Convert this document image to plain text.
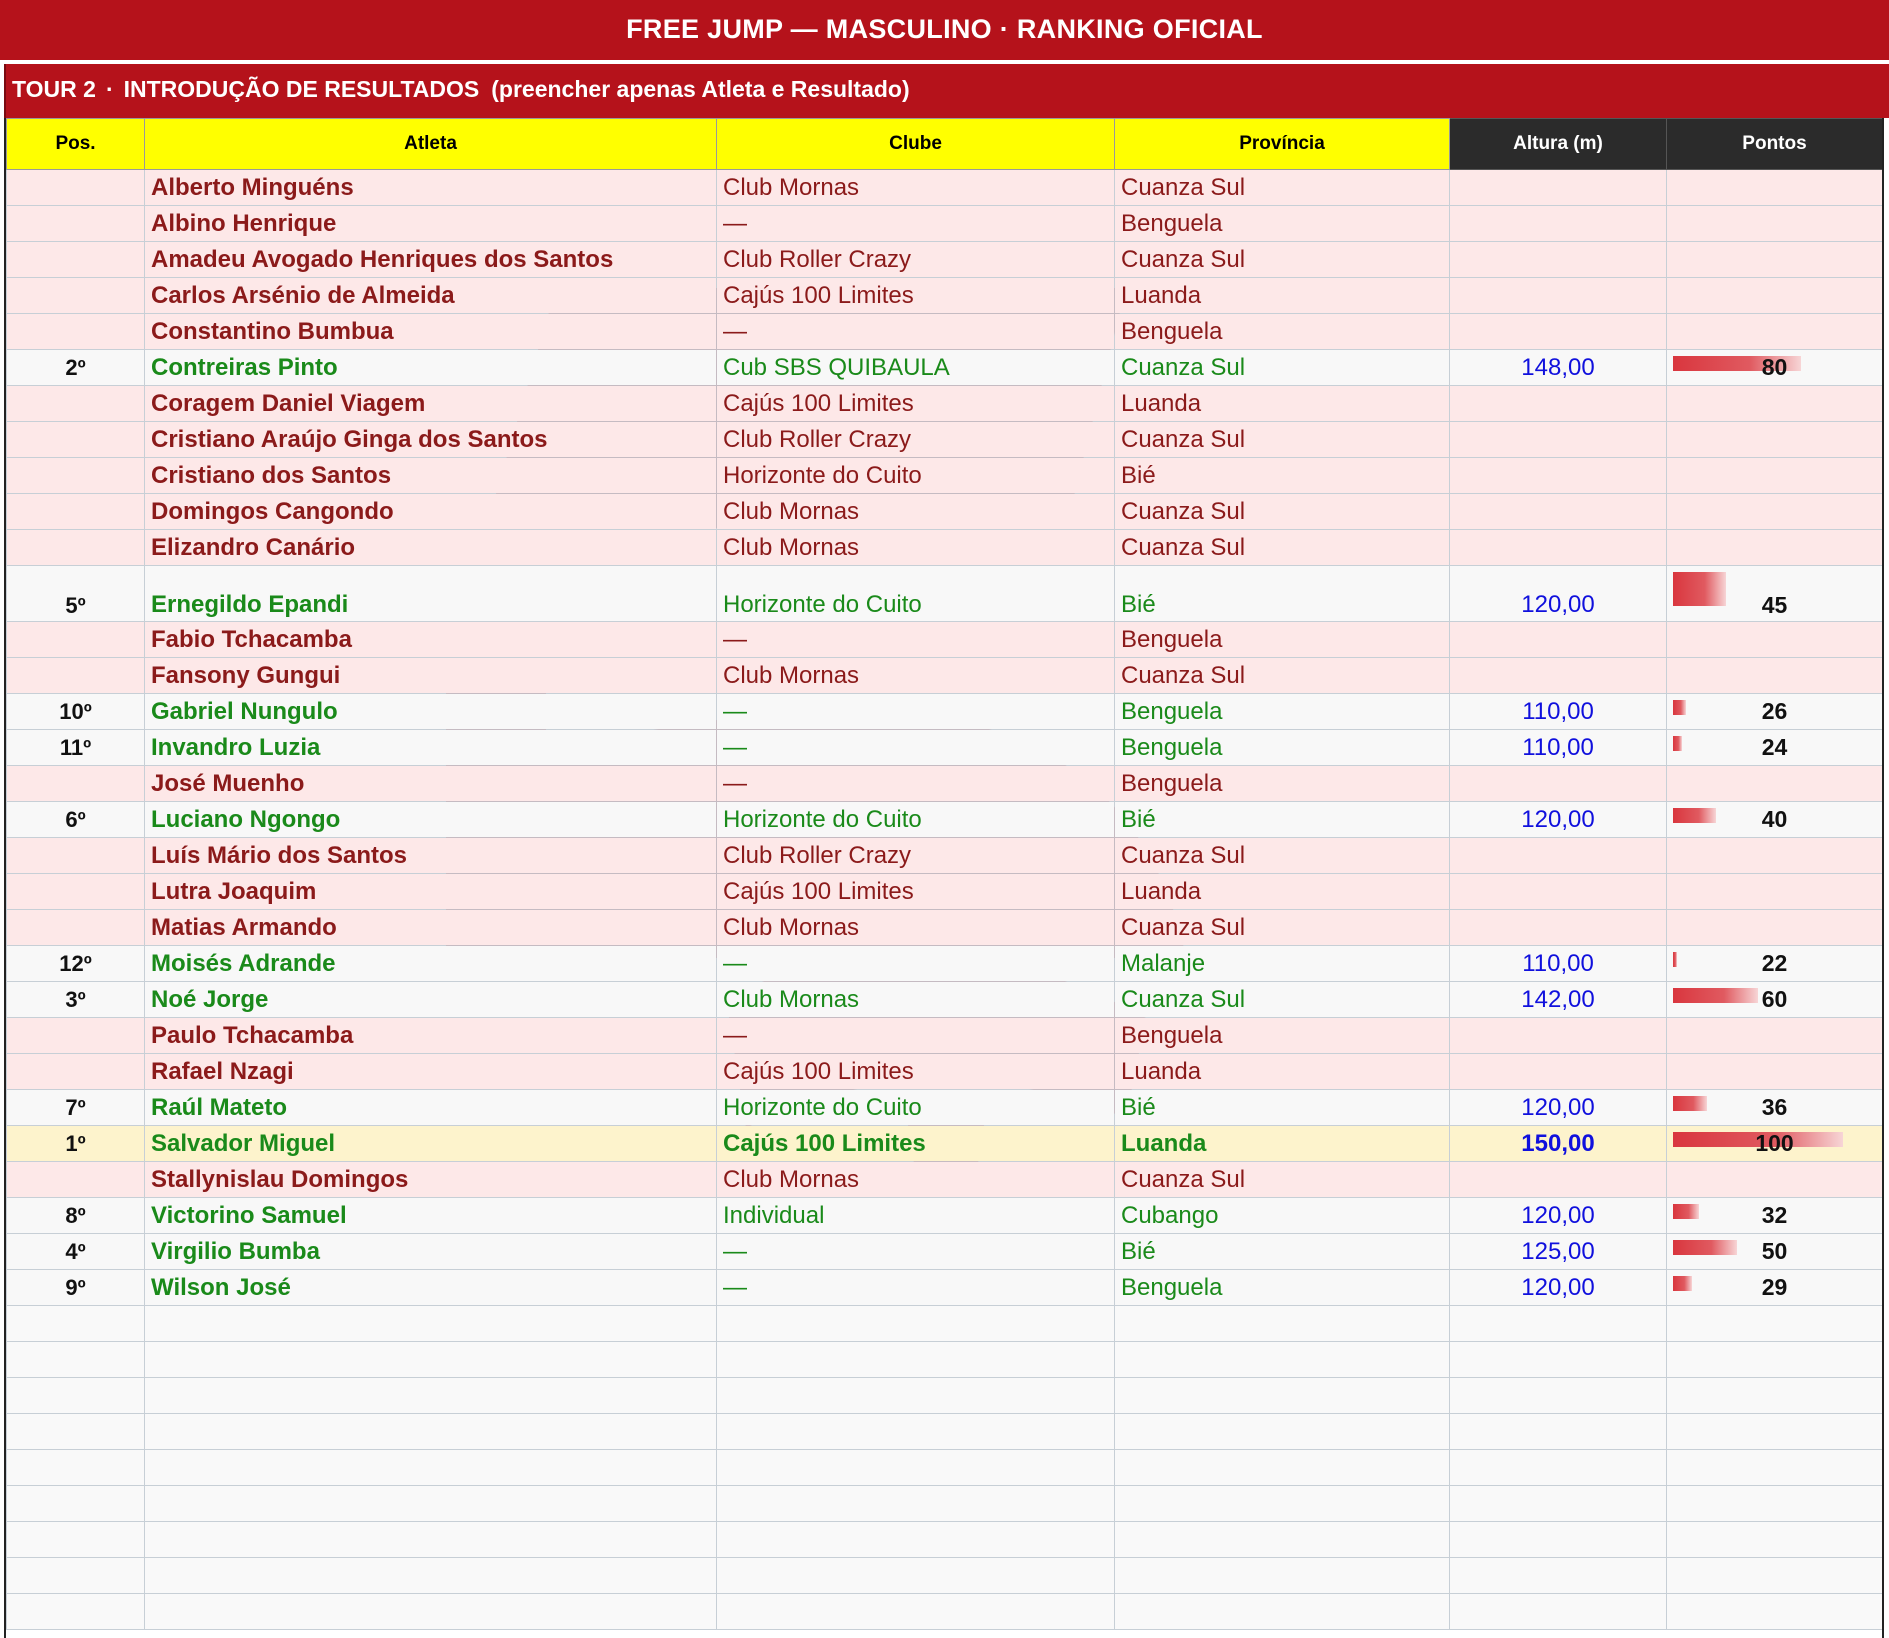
FREE JUMP — MASCULINO · RANKING OFICIAL
TOUR 2 · INTRODUÇÃO DE RESULTADOS (preencher apenas Atleta e Resultado)
Pos.	Atleta	Clube	Província	Altura (m)	Pontos
	Alberto Minguéns	Club Mornas	Cuanza Sul		

	Albino Henrique	—	Benguela		

	Amadeu Avogado Henriques dos Santos	Club Roller Crazy	Cuanza Sul		

	Carlos Arsénio de Almeida	Cajús 100 Limites	Luanda		

	Constantino Bumbua	—	Benguela		

2º	Contreiras Pinto	Cub SBS QUIBAULA	Cuanza Sul	148,00	80

	Coragem Daniel Viagem	Cajús 100 Limites	Luanda		

	Cristiano Araújo Ginga dos Santos	Club Roller Crazy	Cuanza Sul		

	Cristiano dos Santos	Horizonte do Cuito	Bié		

	Domingos Cangondo	Club Mornas	Cuanza Sul		

	Elizandro Canário	Club Mornas	Cuanza Sul		

5º	Ernegildo Epandi	Horizonte do Cuito	Bié	120,00	45

	Fabio Tchacamba	—	Benguela		

	Fansony Gungui	Club Mornas	Cuanza Sul		

10º	Gabriel Nungulo	—	Benguela	110,00	26

11º	Invandro Luzia	—	Benguela	110,00	24

	José Muenho	—	Benguela		

6º	Luciano Ngongo	Horizonte do Cuito	Bié	120,00	40

	Luís Mário dos Santos	Club Roller Crazy	Cuanza Sul		

	Lutra Joaquim	Cajús 100 Limites	Luanda		

	Matias Armando	Club Mornas	Cuanza Sul		

12º	Moisés Adrande	—	Malanje	110,00	22

3º	Noé Jorge	Club Mornas	Cuanza Sul	142,00	60

	Paulo Tchacamba	—	Benguela		

	Rafael Nzagi	Cajús 100 Limites	Luanda		

7º	Raúl Mateto	Horizonte do Cuito	Bié	120,00	36

1º	Salvador Miguel	Cajús 100 Limites	Luanda	150,00	100

	Stallynislau Domingos	Club Mornas	Cuanza Sul		

8º	Victorino Samuel	Individual	Cubango	120,00	32

4º	Virgilio Bumba	—	Bié	125,00	50

9º	Wilson José	—	Benguela	120,00	29
